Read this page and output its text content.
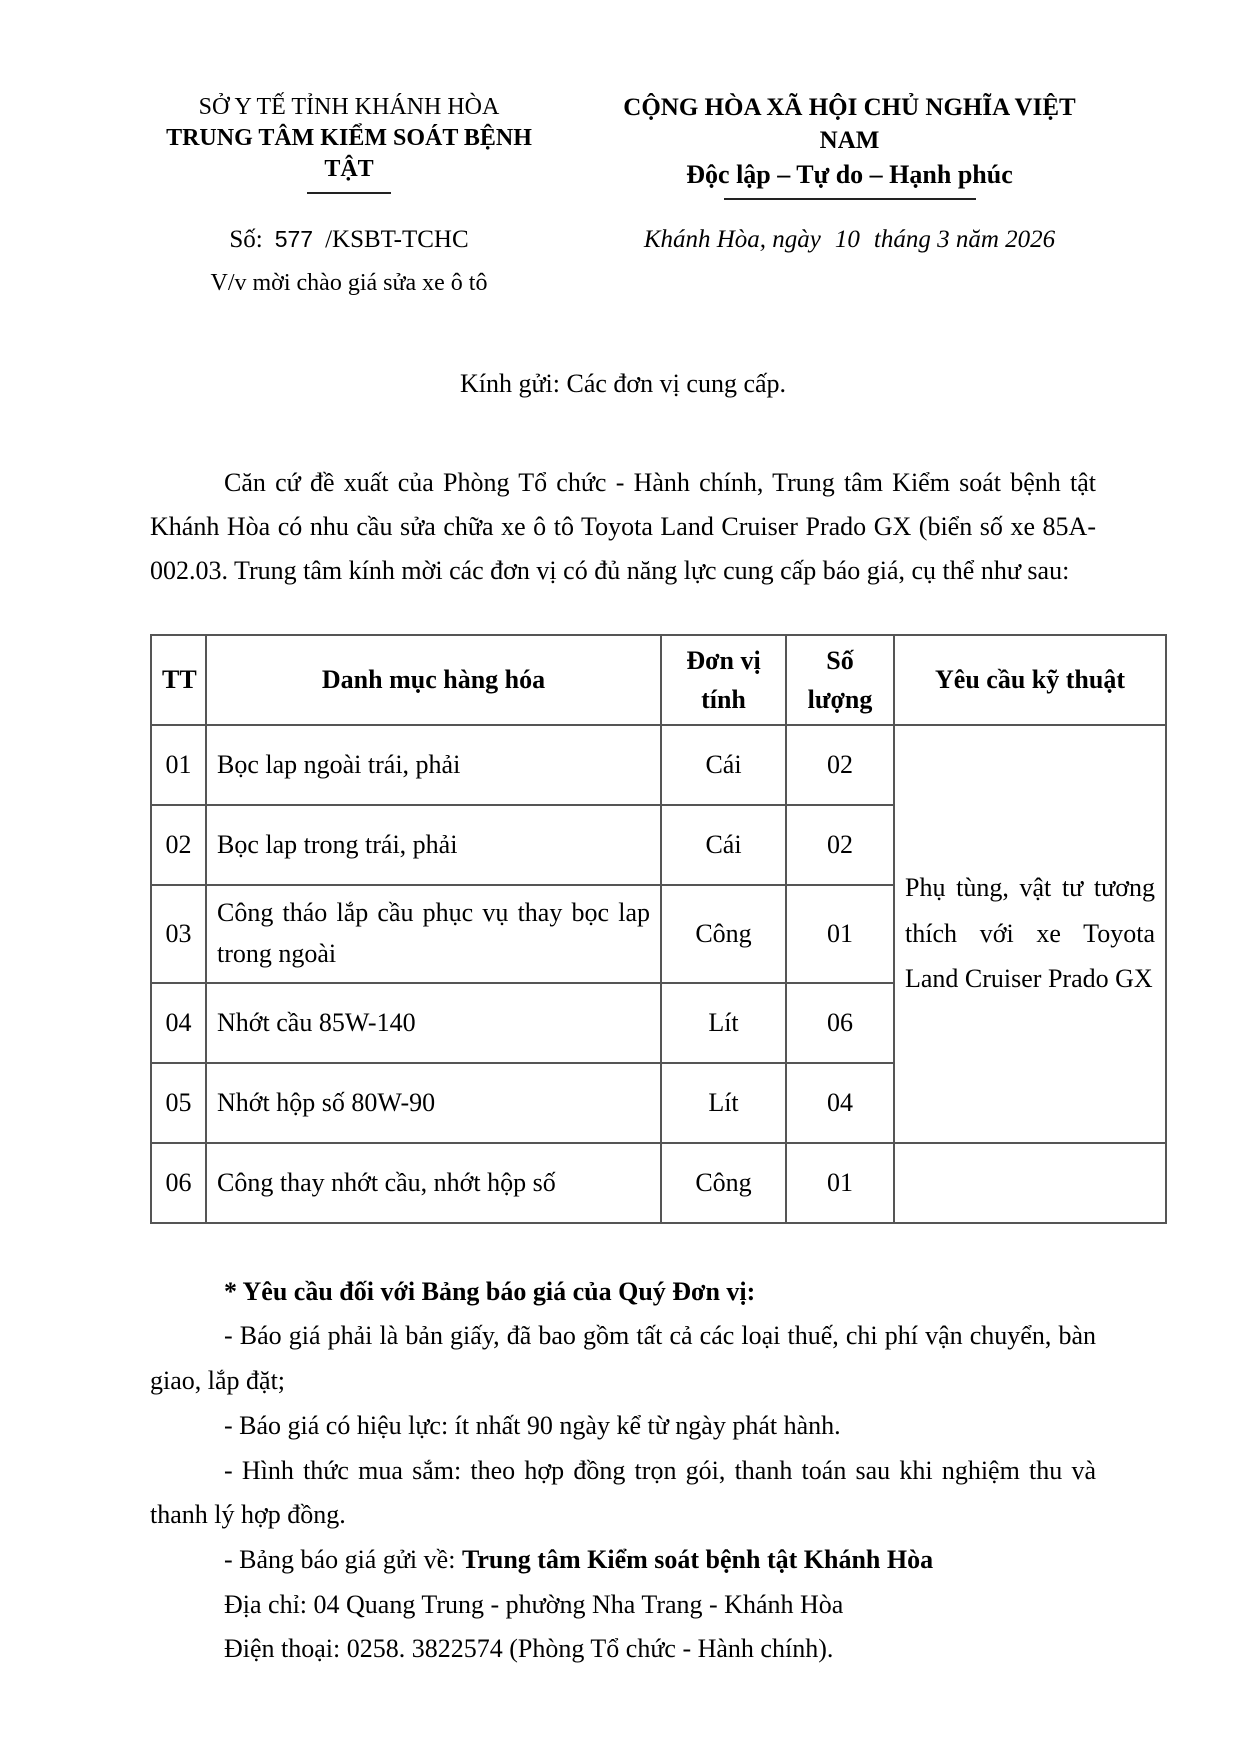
SỞ Y TẾ TỈNH KHÁNH HÒA
TRUNG TÂM KIỂM SOÁT BỆNH TẬT
CỘNG HÒA XÃ HỘI CHỦ NGHĨA VIỆT NAM
Độc lập – Tự do – Hạnh phúc
Số: 577 /KSBT-TCHC	Khánh Hòa, ngày 10 tháng 3 năm 2026
V/v mời chào giá sửa xe ô tô
Kính gửi: Các đơn vị cung cấp.

Căn cứ đề xuất của Phòng Tổ chức - Hành chính, Trung tâm Kiểm soát bệnh tật  Khánh Hòa có nhu cầu sửa chữa xe ô tô Toyota Land Cruiser Prado GX (biển số xe 85A-002.03. Trung tâm kính mời các đơn vị có đủ năng lực cung cấp báo giá, cụ thể như sau:

TT	Danh mục hàng hóa	Đơn vị tính	Số lượng	Yêu cầu kỹ thuật
01	Bọc lap ngoài trái, phải	Cái	02	Phụ tùng, vật tư tương thích với xe Toyota Land Cruiser Prado GX
02	Bọc lap trong trái, phải	Cái	02	
03	Công tháo lắp cầu phục vụ thay bọc lap trong ngoài	Công	01	
04	Nhớt cầu 85W-140	Lít	06	
05	Nhớt hộp số 80W-90	Lít	04	
06	Công thay nhớt cầu, nhớt hộp số	Công	01	

* Yêu cầu đối với Bảng báo giá của Quý Đơn vị:

- Báo giá phải là bản giấy, đã bao gồm tất cả các loại thuế, chi phí vận chuyển, bàn giao, lắp đặt;

- Báo giá có hiệu lực: ít nhất 90 ngày kể từ ngày phát hành.

- Hình thức mua sắm: theo hợp đồng trọn gói, thanh toán sau khi nghiệm thu và thanh lý hợp đồng.

- Bảng báo giá gửi về: Trung tâm Kiểm soát bệnh tật Khánh Hòa

Địa chỉ: 04 Quang Trung - phường Nha Trang - Khánh Hòa

Điện thoại: 0258. 3822574 (Phòng Tổ chức - Hành chính).
